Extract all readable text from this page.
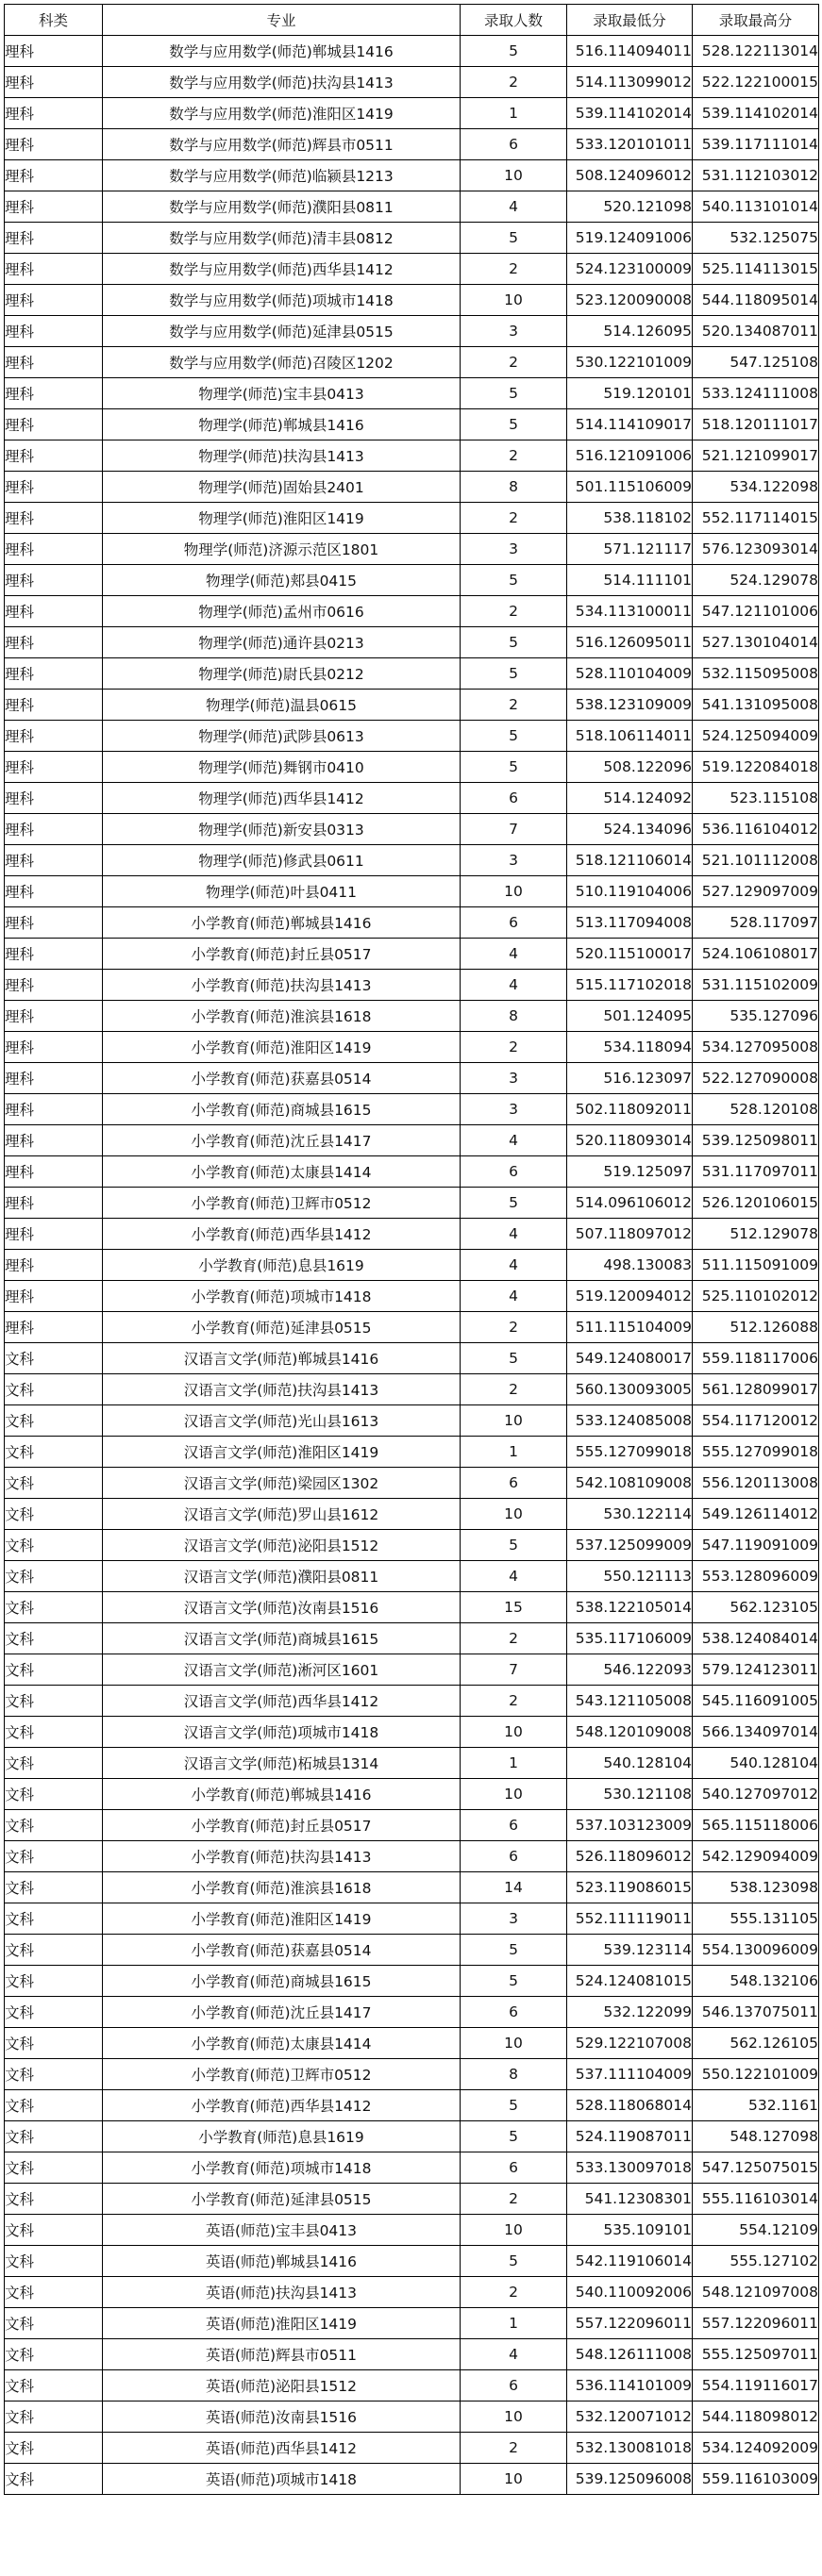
科类	专业	录取人数	录取最低分	录取最高分
理科	数学与应用数学(师范)郸城县1416	5	516.114094011	528.122113014
理科	数学与应用数学(师范)扶沟县1413	2	514.113099012	522.122100015
理科	数学与应用数学(师范)淮阳区1419	1	539.114102014	539.114102014
理科	数学与应用数学(师范)辉县市0511	6	533.120101011	539.117111014
理科	数学与应用数学(师范)临颍县1213	10	508.124096012	531.112103012
理科	数学与应用数学(师范)濮阳县0811	4	520.121098	540.113101014
理科	数学与应用数学(师范)清丰县0812	5	519.124091006	532.125075
理科	数学与应用数学(师范)西华县1412	2	524.123100009	525.114113015
理科	数学与应用数学(师范)项城市1418	10	523.120090008	544.118095014
理科	数学与应用数学(师范)延津县0515	3	514.126095	520.134087011
理科	数学与应用数学(师范)召陵区1202	2	530.122101009	547.125108
理科	物理学(师范)宝丰县0413	5	519.120101	533.124111008
理科	物理学(师范)郸城县1416	5	514.114109017	518.120111017
理科	物理学(师范)扶沟县1413	2	516.121091006	521.121099017
理科	物理学(师范)固始县2401	8	501.115106009	534.122098
理科	物理学(师范)淮阳区1419	2	538.118102	552.117114015
理科	物理学(师范)济源示范区1801	3	571.121117	576.123093014
理科	物理学(师范)郏县0415	5	514.111101	524.129078
理科	物理学(师范)孟州市0616	2	534.113100011	547.121101006
理科	物理学(师范)通许县0213	5	516.126095011	527.130104014
理科	物理学(师范)尉氏县0212	5	528.110104009	532.115095008
理科	物理学(师范)温县0615	2	538.123109009	541.131095008
理科	物理学(师范)武陟县0613	5	518.106114011	524.125094009
理科	物理学(师范)舞钢市0410	5	508.122096	519.122084018
理科	物理学(师范)西华县1412	6	514.124092	523.115108
理科	物理学(师范)新安县0313	7	524.134096	536.116104012
理科	物理学(师范)修武县0611	3	518.121106014	521.101112008
理科	物理学(师范)叶县0411	10	510.119104006	527.129097009
理科	小学教育(师范)郸城县1416	6	513.117094008	528.117097
理科	小学教育(师范)封丘县0517	4	520.115100017	524.106108017
理科	小学教育(师范)扶沟县1413	4	515.117102018	531.115102009
理科	小学教育(师范)淮滨县1618	8	501.124095	535.127096
理科	小学教育(师范)淮阳区1419	2	534.118094	534.127095008
理科	小学教育(师范)获嘉县0514	3	516.123097	522.127090008
理科	小学教育(师范)商城县1615	3	502.118092011	528.120108
理科	小学教育(师范)沈丘县1417	4	520.118093014	539.125098011
理科	小学教育(师范)太康县1414	6	519.125097	531.117097011
理科	小学教育(师范)卫辉市0512	5	514.096106012	526.120106015
理科	小学教育(师范)西华县1412	4	507.118097012	512.129078
理科	小学教育(师范)息县1619	4	498.130083	511.115091009
理科	小学教育(师范)项城市1418	4	519.120094012	525.110102012
理科	小学教育(师范)延津县0515	2	511.115104009	512.126088
文科	汉语言文学(师范)郸城县1416	5	549.124080017	559.118117006
文科	汉语言文学(师范)扶沟县1413	2	560.130093005	561.128099017
文科	汉语言文学(师范)光山县1613	10	533.124085008	554.117120012
文科	汉语言文学(师范)淮阳区1419	1	555.127099018	555.127099018
文科	汉语言文学(师范)梁园区1302	6	542.108109008	556.120113008
文科	汉语言文学(师范)罗山县1612	10	530.122114	549.126114012
文科	汉语言文学(师范)泌阳县1512	5	537.125099009	547.119091009
文科	汉语言文学(师范)濮阳县0811	4	550.121113	553.128096009
文科	汉语言文学(师范)汝南县1516	15	538.122105014	562.123105
文科	汉语言文学(师范)商城县1615	2	535.117106009	538.124084014
文科	汉语言文学(师范)淅河区1601	7	546.122093	579.124123011
文科	汉语言文学(师范)西华县1412	2	543.121105008	545.116091005
文科	汉语言文学(师范)项城市1418	10	548.120109008	566.134097014
文科	汉语言文学(师范)柘城县1314	1	540.128104	540.128104
文科	小学教育(师范)郸城县1416	10	530.121108	540.127097012
文科	小学教育(师范)封丘县0517	6	537.103123009	565.115118006
文科	小学教育(师范)扶沟县1413	6	526.118096012	542.129094009
文科	小学教育(师范)淮滨县1618	14	523.119086015	538.123098
文科	小学教育(师范)淮阳区1419	3	552.111119011	555.131105
文科	小学教育(师范)获嘉县0514	5	539.123114	554.130096009
文科	小学教育(师范)商城县1615	5	524.124081015	548.132106
文科	小学教育(师范)沈丘县1417	6	532.122099	546.137075011
文科	小学教育(师范)太康县1414	10	529.122107008	562.126105
文科	小学教育(师范)卫辉市0512	8	537.111104009	550.122101009
文科	小学教育(师范)西华县1412	5	528.118068014	532.1161
文科	小学教育(师范)息县1619	5	524.119087011	548.127098
文科	小学教育(师范)项城市1418	6	533.130097018	547.125075015
文科	小学教育(师范)延津县0515	2	541.12308301	555.116103014
文科	英语(师范)宝丰县0413	10	535.109101	554.12109
文科	英语(师范)郸城县1416	5	542.119106014	555.127102
文科	英语(师范)扶沟县1413	2	540.110092006	548.121097008
文科	英语(师范)淮阳区1419	1	557.122096011	557.122096011
文科	英语(师范)辉县市0511	4	548.126111008	555.125097011
文科	英语(师范)泌阳县1512	6	536.114101009	554.119116017
文科	英语(师范)汝南县1516	10	532.120071012	544.118098012
文科	英语(师范)西华县1412	2	532.130081018	534.124092009
文科	英语(师范)项城市1418	10	539.125096008	559.116103009
